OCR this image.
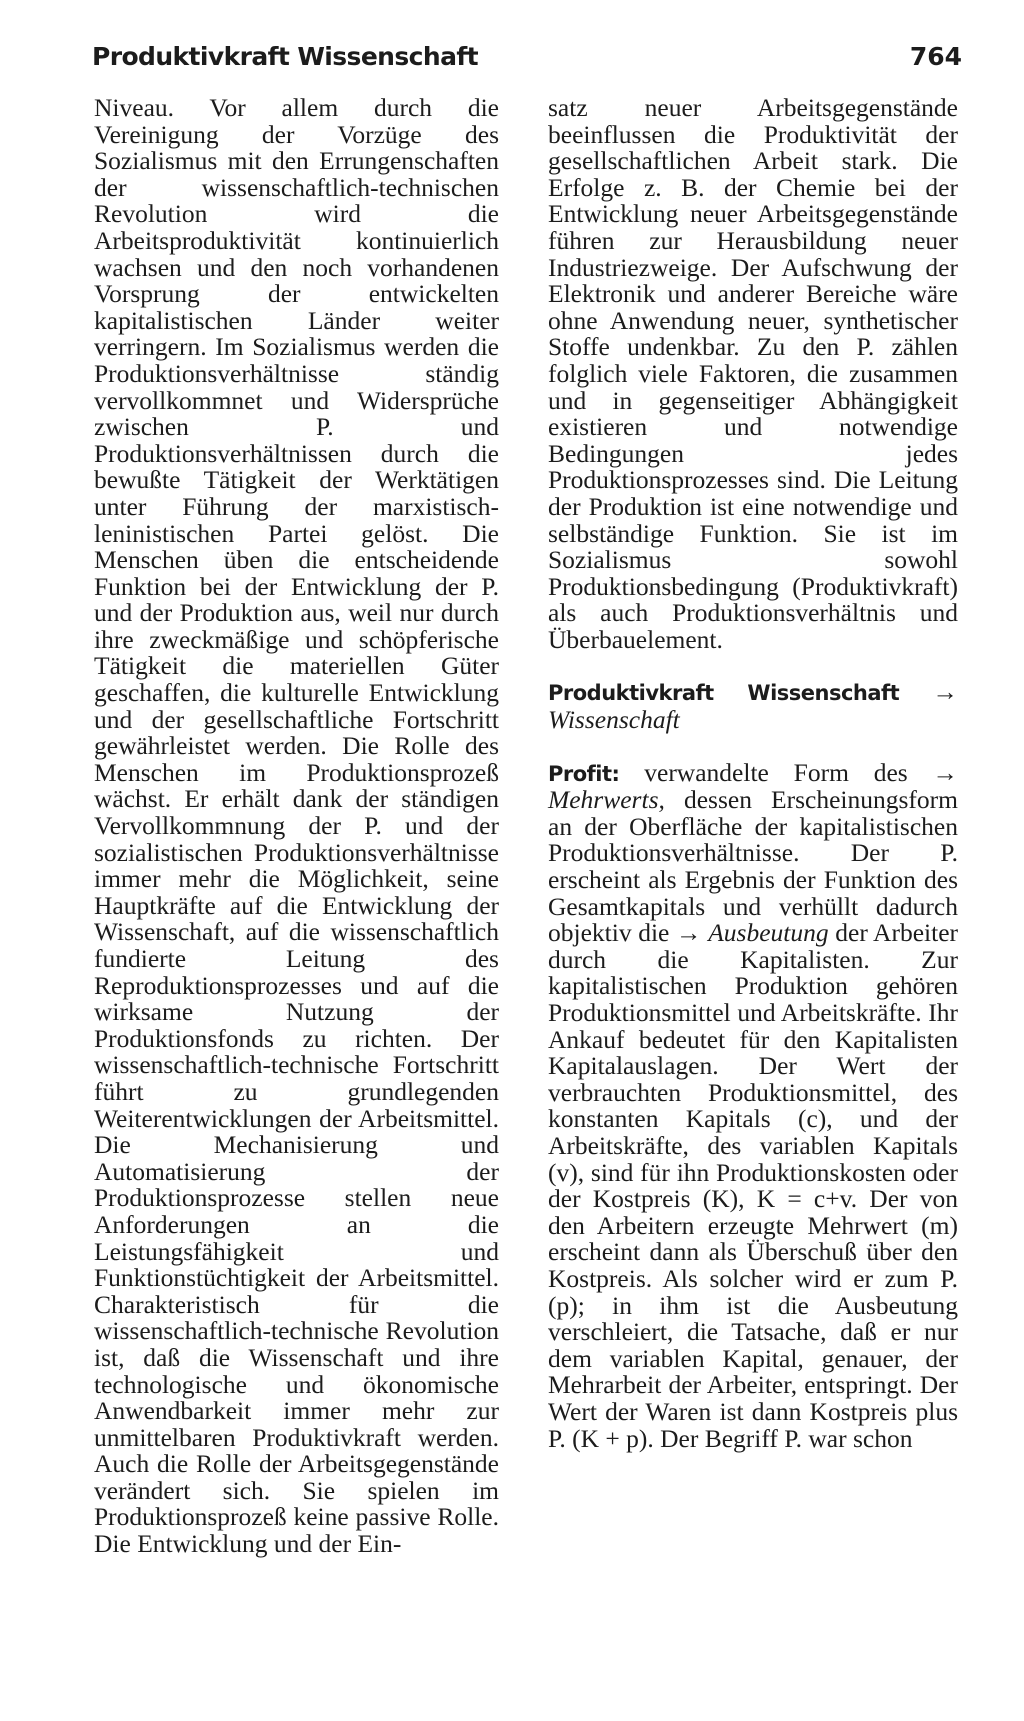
Produktivkraft Wissenschaft	764

Niveau. Vor allem durch die Vereinigung der Vorzüge des Sozialismus mit den Errungenschaften der wissenschaftlich-technischen Revolution wird die Arbeitsproduktivität kontinuierlich wachsen und den noch vorhandenen Vorsprung der entwickelten kapitalistischen Länder weiter verringern. Im Sozialismus werden die Produktionsverhältnisse ständig vervollkommnet und Widersprüche zwischen P. und Produktionsverhältnissen durch die bewußte Tätigkeit der Werktätigen unter Führung der marxistisch-leninistischen Partei gelöst. Die Menschen üben die entscheidende Funktion bei der Entwicklung der P. und der Produktion aus, weil nur durch ihre zweckmäßige und schöpferische Tätigkeit die materiellen Güter geschaffen, die kulturelle Entwicklung und der gesellschaftliche Fortschritt gewährleistet werden. Die Rolle des Menschen im Produktionsprozeß wächst. Er erhält dank der ständigen Vervollkommnung der P. und der sozialistischen Produktionsverhältnisse immer mehr die Möglichkeit, seine Hauptkräfte auf die Entwicklung der Wissenschaft, auf die wissenschaftlich fundierte Leitung des Reproduktionsprozesses und auf die wirksame Nutzung der Produktionsfonds zu richten. Der wissenschaftlich-technische Fortschritt führt zu grundlegenden Weiterentwicklungen der Arbeitsmittel. Die Mechanisierung und Automatisierung der Produktionsprozesse stellen neue Anforderungen an die Leistungsfähigkeit und Funktionstüchtigkeit der Arbeitsmittel. Charakteristisch für die wissenschaftlich-technische Revolution ist, daß die Wissenschaft und ihre technologische und ökonomische Anwendbarkeit immer mehr zur unmittelbaren Produktivkraft werden. Auch die Rolle der Arbeitsgegenstände verändert sich. Sie spielen im Produktionsprozeß keine passive Rolle. Die Entwicklung und der Ein-

satz neuer Arbeitsgegenstände beeinflussen die Produktivität der gesellschaftlichen Arbeit stark. Die Erfolge z. B. der Chemie bei der Entwicklung neuer Arbeitsgegenstände führen zur Herausbildung neuer Industriezweige. Der Aufschwung der Elektronik und anderer Bereiche wäre ohne Anwendung neuer, synthetischer Stoffe undenkbar. Zu den P. zählen folglich viele Faktoren, die zusammen und in gegenseitiger Abhängigkeit existieren und notwendige Bedingungen jedes Produktionsprozesses sind. Die Leitung der Produktion ist eine notwendige und selbständige Funktion. Sie ist im Sozialismus sowohl Produktionsbedingung (Produktivkraft) als auch Produktionsverhältnis und Überbauelement.

Produktivkraft Wissenschaft → Wissenschaft

Profit: verwandelte Form des → Mehrwerts, dessen Erscheinungsform an der Oberfläche der kapitalistischen Produktionsverhältnisse. Der P. erscheint als Ergebnis der Funktion des Gesamtkapitals und verhüllt dadurch objektiv die → Ausbeutung der Arbeiter durch die Kapitalisten. Zur kapitalistischen Produktion gehören Produktionsmittel und Arbeitskräfte. Ihr Ankauf bedeutet für den Kapitalisten Kapitalauslagen. Der Wert der verbrauchten Produktionsmittel, des konstanten Kapitals (c), und der Arbeitskräfte, des variablen Kapitals (v), sind für ihn Produktionskosten oder der Kostpreis (K), K = c+v. Der von den Arbeitern erzeugte Mehrwert (m) erscheint dann als Überschuß über den Kostpreis. Als solcher wird er zum P. (p); in ihm ist die Ausbeutung verschleiert, die Tatsache, daß er nur dem variablen Kapital, genauer, der Mehrarbeit der Arbeiter, entspringt. Der Wert der Waren ist dann Kostpreis plus P. (K + p). Der Begriff P. war schon
